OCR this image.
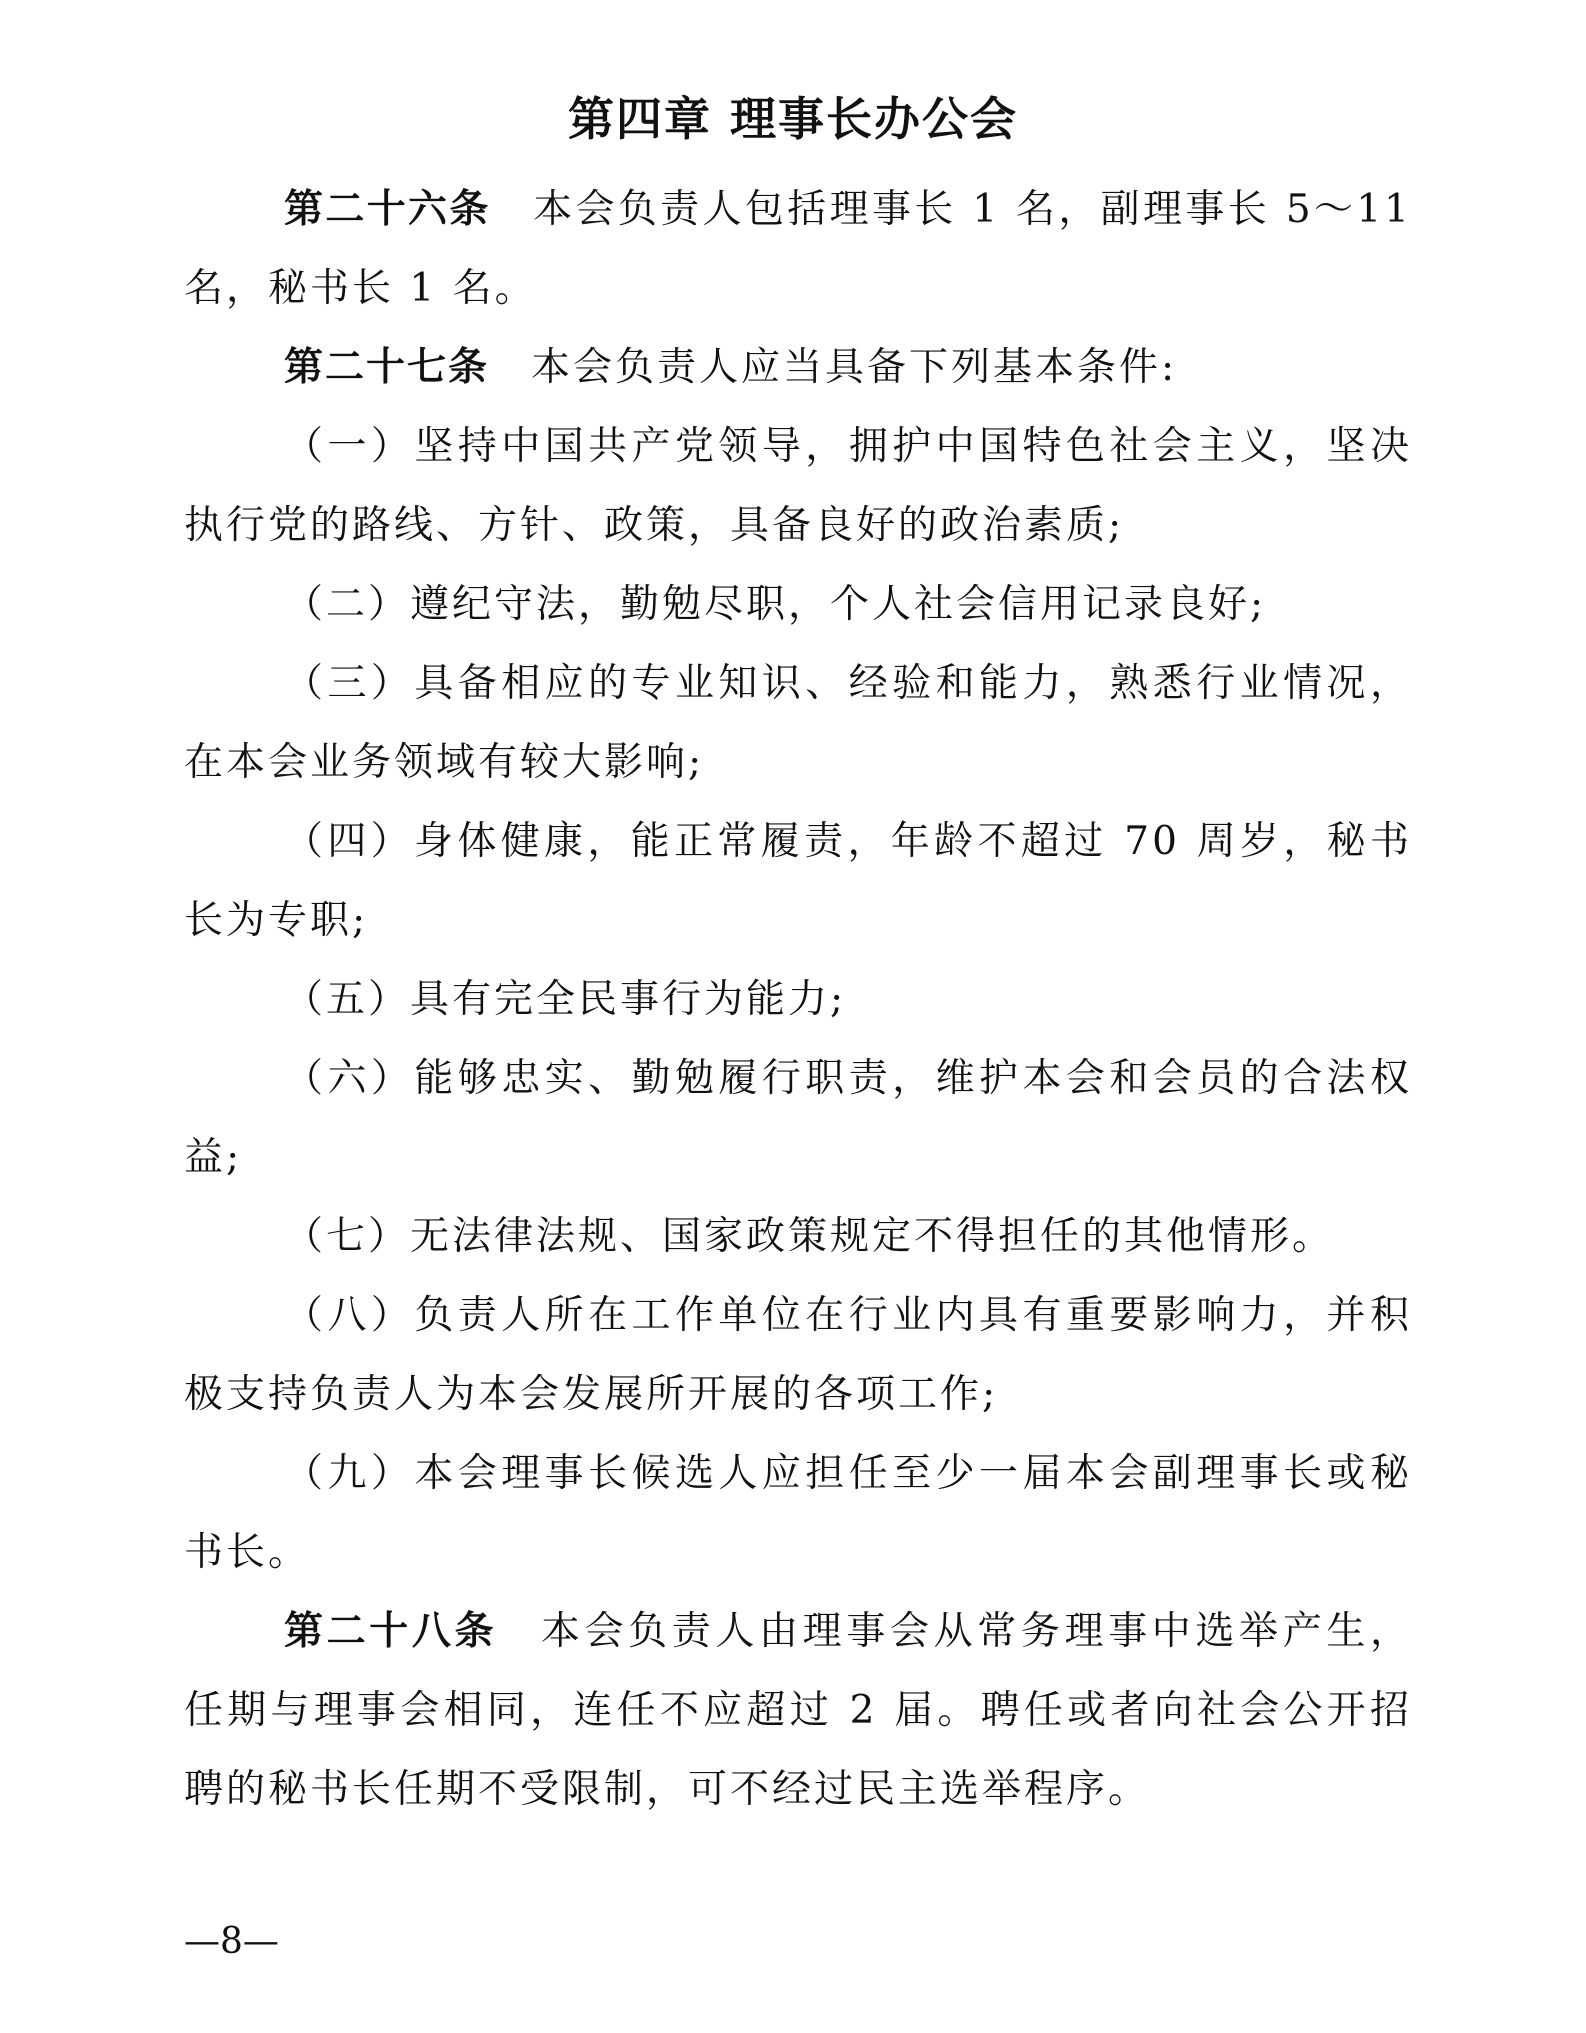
第四章 理事长办公会

第二十六条 本会负责人包括理事长 1 名，副理事长 5～11 名，秘书长 1 名。

第二十七条 本会负责人应当具备下列基本条件:

（一）坚持中国共产党领导，拥护中国特色社会主义，坚决执行党的路线、方针、政策，具备良好的政治素质;

（二）遵纪守法，勤勉尽职，个人社会信用记录良好;

（三）具备相应的专业知识、经验和能力，熟悉行业情况，在本会业务领域有较大影响;

（四）身体健康，能正常履责，年龄不超过 70 周岁，秘书长为专职;

（五）具有完全民事行为能力;

（六）能够忠实、勤勉履行职责，维护本会和会员的合法权益;

（七）无法律法规、国家政策规定不得担任的其他情形。

（八）负责人所在工作单位在行业内具有重要影响力，并积极支持负责人为本会发展所开展的各项工作;

（九）本会理事长候选人应担任至少一届本会副理事长或秘书长。

第二十八条 本会负责人由理事会从常务理事中选举产生，任期与理事会相同，连任不应超过 2 届。聘任或者向社会公开招聘的秘书长任期不受限制，可不经过民主选举程序。

—8—
